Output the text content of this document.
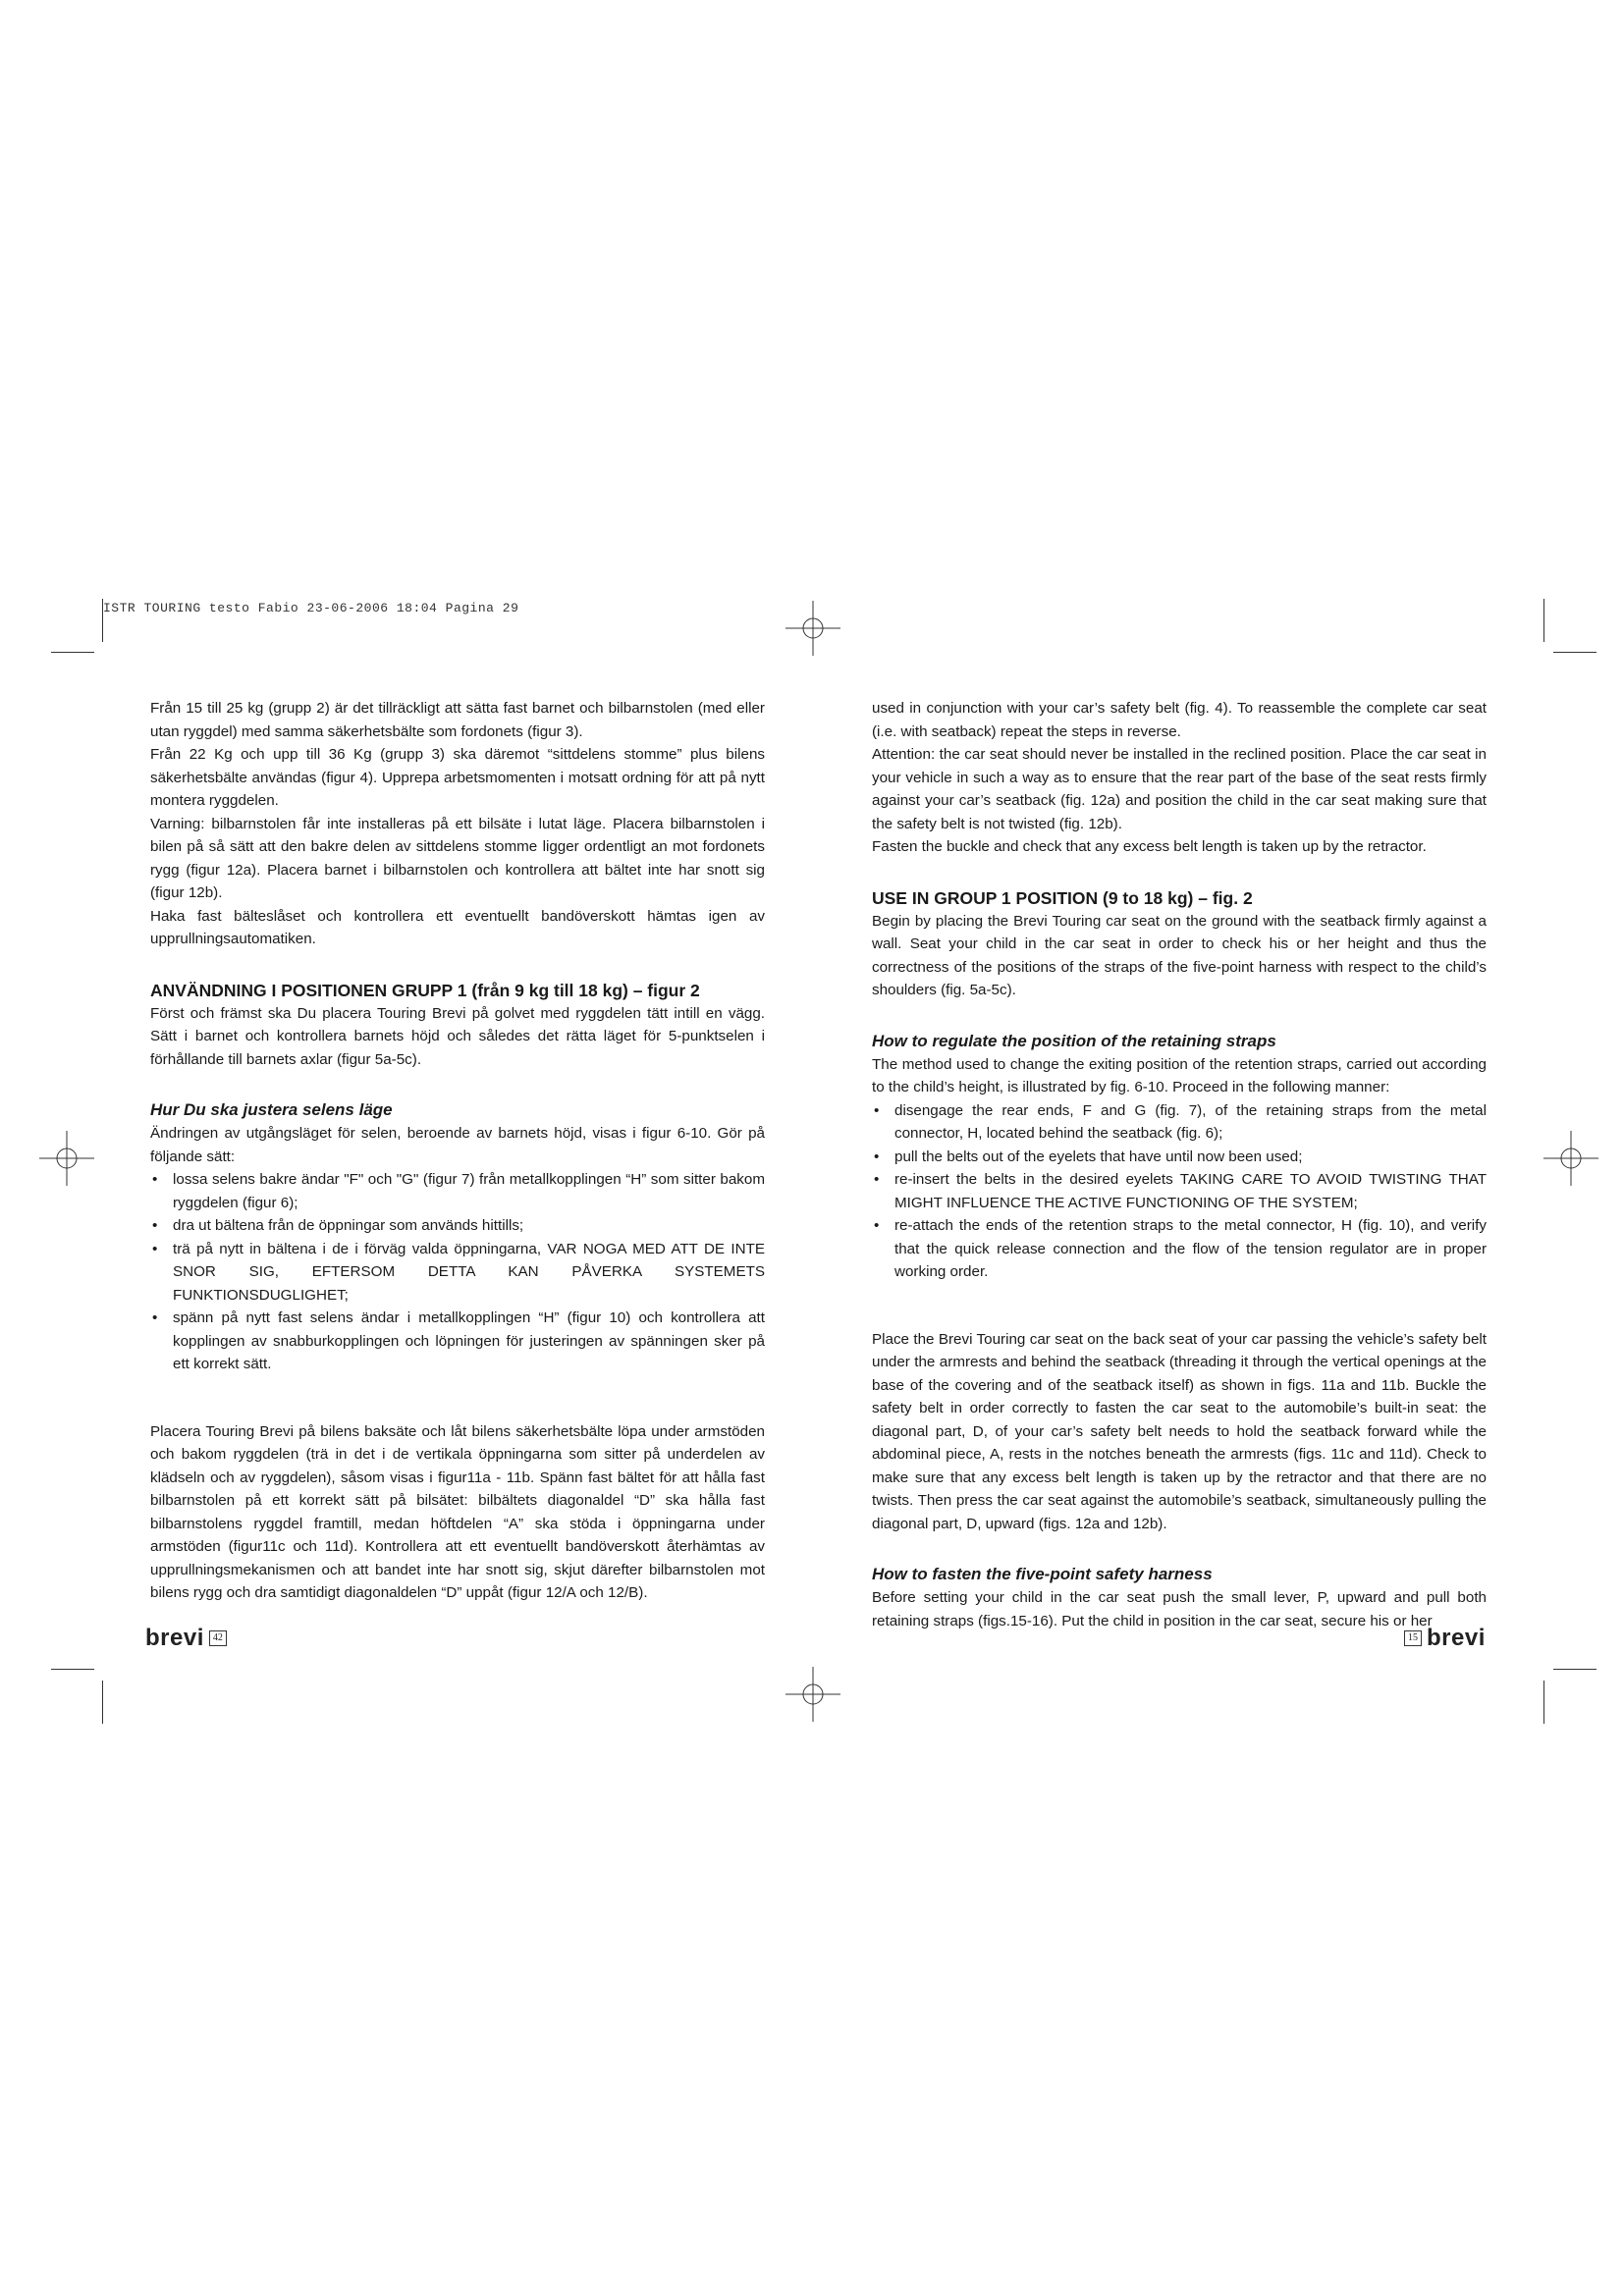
ISTR TOURING testo Fabio 23-06-2006 18:04 Pagina 29

Från 15 till 25 kg (grupp 2) är det tillräckligt att sätta fast barnet och bilbarnstolen (med eller utan ryggdel) med samma säkerhetsbälte som fordonets (figur 3).

Från 22 Kg och upp till 36 Kg (grupp 3) ska däremot “sittdelens stomme” plus bilens säkerhetsbälte användas (figur 4). Upprepa arbetsmomenten i motsatt ordning för att på nytt montera ryggdelen.

Varning: bilbarnstolen får inte installeras på ett bilsäte i lutat läge. Placera bilbarnstolen i bilen på så sätt att den bakre delen av sittdelens stomme ligger ordentligt an mot fordonets rygg (figur 12a). Placera barnet i bilbarnstolen och kontrollera att bältet inte har snott sig (figur 12b).

Haka fast bälteslåset och kontrollera ett eventuellt bandöverskott hämtas igen av upprullningsautomatiken.

ANVÄNDNING I POSITIONEN GRUPP 1 (från 9 kg till 18 kg) – figur 2

Först och främst ska Du placera Touring Brevi på golvet med ryggdelen tätt intill en vägg. Sätt i barnet och kontrollera barnets höjd och således det rätta läget för 5-punktselen i förhållande till barnets axlar (figur 5a-5c).

Hur Du ska justera selens läge

Ändringen av utgångsläget för selen, beroende av barnets höjd, visas i figur 6-10. Gör på följande sätt:

• lossa selens bakre ändar "F" och "G" (figur 7) från metallkopplingen “H” som sitter bakom ryggdelen (figur 6);
• dra ut bältena från de öppningar som används hittills;
• trä på nytt in bältena i de i förväg valda öppningarna, VAR NOGA MED ATT DE INTE SNOR SIG, EFTERSOM DETTA KAN PÅVERKA SYSTEMETS FUNKTIONSDUGLIGHET;
• spänn på nytt fast selens ändar i metallkopplingen “H” (figur 10) och kontrollera att kopplingen av snabburkopplingen och löpningen för justeringen av spänningen sker på ett korrekt sätt.

Placera Touring Brevi på bilens baksäte och låt bilens säkerhetsbälte löpa under armstöden och bakom ryggdelen (trä in det i de vertikala öppningarna som sitter på underdelen av klädseln och av ryggdelen), såsom visas i figur11a - 11b. Spänn fast bältet för att hålla fast bilbarnstolen på ett korrekt sätt på bilsätet: bilbältets diagonaldel “D” ska hålla fast bilbarnstolens ryggdel framtill, medan höftdelen “A” ska stöda i öppningarna under armstöden (figur11c och 11d). Kontrollera att ett eventuellt bandöverskott återhämtas av upprullningsmekanismen och att bandet inte har snott sig, skjut därefter bilbarnstolen mot bilens rygg och dra samtidigt diagonaldelen “D” uppåt (figur 12/A och 12/B).

used in conjunction with your car’s safety belt (fig. 4). To reassemble the complete car seat (i.e. with seatback) repeat the steps in reverse.

Attention: the car seat should never be installed in the reclined position. Place the car seat in your vehicle in such a way as to ensure that the rear part of the base of the seat rests firmly against your car’s seatback (fig. 12a) and position the child in the car seat making sure that the safety belt is not twisted (fig. 12b).

Fasten the buckle and check that any excess belt length is taken up by the retractor.

USE IN GROUP 1 POSITION (9 to 18 kg) – fig. 2

Begin by placing the Brevi Touring car seat on the ground with the seatback firmly against a wall. Seat your child in the car seat in order to check his or her height and thus the correctness of the positions of the straps of the five-point harness with respect to the child’s shoulders (fig. 5a-5c).

How to regulate the position of the retaining straps

The method used to change the exiting position of the retention straps, carried out according to the child’s height, is illustrated by fig. 6-10. Proceed in the following manner:

• disengage the rear ends, F and G (fig. 7), of the retaining straps from the metal connector, H, located behind the seatback (fig. 6);
• pull the belts out of the eyelets that have until now been used;
• re-insert the belts in the desired eyelets TAKING CARE TO AVOID TWISTING THAT MIGHT INFLUENCE THE ACTIVE FUNCTIONING OF THE SYSTEM;
• re-attach the ends of the retention straps to the metal connector, H (fig. 10), and verify that the quick release connection and the flow of the tension regulator are in proper working order.

Place the Brevi Touring car seat on the back seat of your car passing the vehicle’s safety belt under the armrests and behind the seatback (threading it through the vertical openings at the base of the covering and of the seatback itself) as shown in figs. 11a and 11b. Buckle the safety belt in order correctly to fasten the car seat to the automobile’s built-in seat: the diagonal part, D, of your car’s safety belt needs to hold the seatback forward while the abdominal piece, A, rests in the notches beneath the armrests (figs. 11c and 11d). Check to make sure that any excess belt length is taken up by the retractor and that there are no twists. Then press the car seat against the automobile’s seatback, simultaneously pulling the diagonal part, D, upward (figs. 12a and 12b).

How to fasten the five-point safety harness

Before setting your child in the car seat push the small lever, P, upward and pull both retaining straps (figs.15-16). Put the child in position in the car seat, secure his or her

brevi 42	15 brevi
